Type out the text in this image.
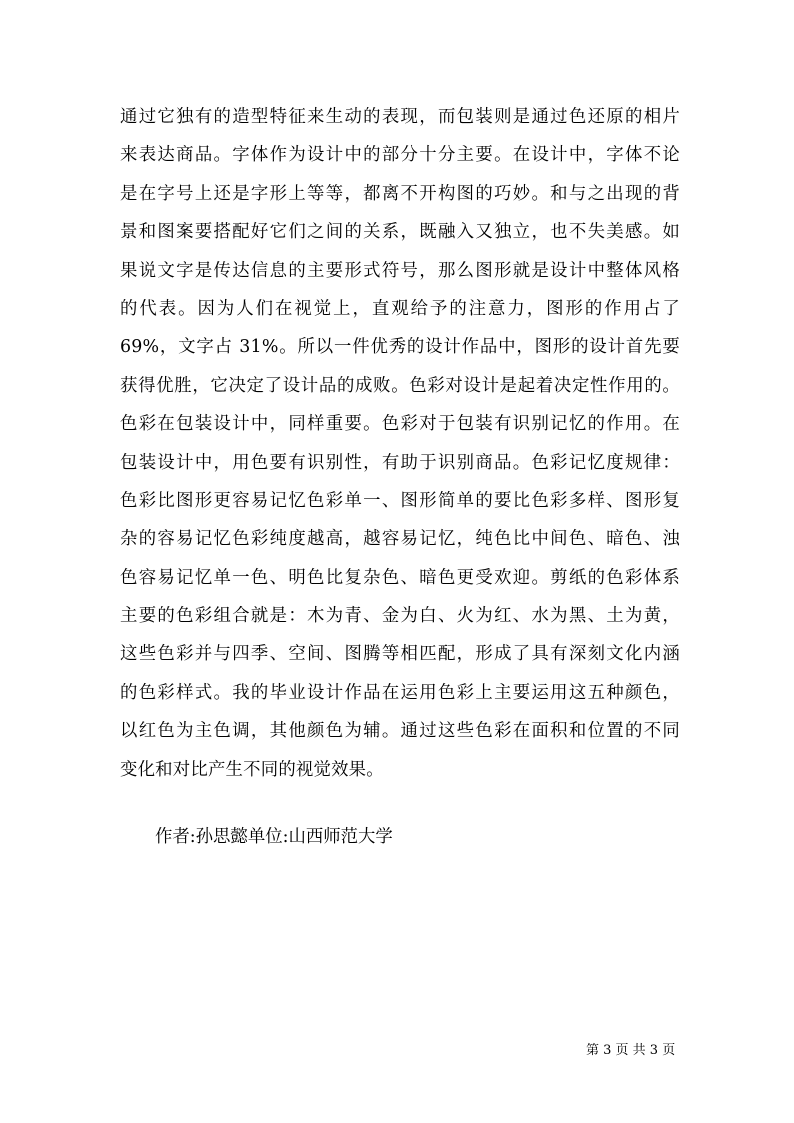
通过它独有的造型特征来生动的表现，而包装则是通过色还原的相片
来表达商品。字体作为设计中的部分十分主要。在设计中，字体不论
是在字号上还是字形上等等，都离不开构图的巧妙。和与之出现的背
景和图案要搭配好它们之间的关系，既融入又独立，也不失美感。如
果说文字是传达信息的主要形式符号，那么图形就是设计中整体风格
的代表。因为人们在视觉上，直观给予的注意力，图形的作用占了
69%，文字占 31%。所以一件优秀的设计作品中，图形的设计首先要
获得优胜，它决定了设计品的成败。色彩对设计是起着决定性作用的。
色彩在包装设计中，同样重要。色彩对于包装有识别记忆的作用。在
包装设计中，用色要有识别性，有助于识别商品。色彩记忆度规律：
色彩比图形更容易记忆色彩单一、图形简单的要比色彩多样、图形复
杂的容易记忆色彩纯度越高，越容易记忆，纯色比中间色、暗色、浊
色容易记忆单一色、明色比复杂色、暗色更受欢迎。剪纸的色彩体系
主要的色彩组合就是：木为青、金为白、火为红、水为黑、土为黄，
这些色彩并与四季、空间、图腾等相匹配，形成了具有深刻文化内涵
的色彩样式。我的毕业设计作品在运用色彩上主要运用这五种颜色，
以红色为主色调，其他颜色为辅。通过这些色彩在面积和位置的不同
变化和对比产生不同的视觉效果。

作者:孙思懿单位:山西师范大学

第 3 页 共 3 页
